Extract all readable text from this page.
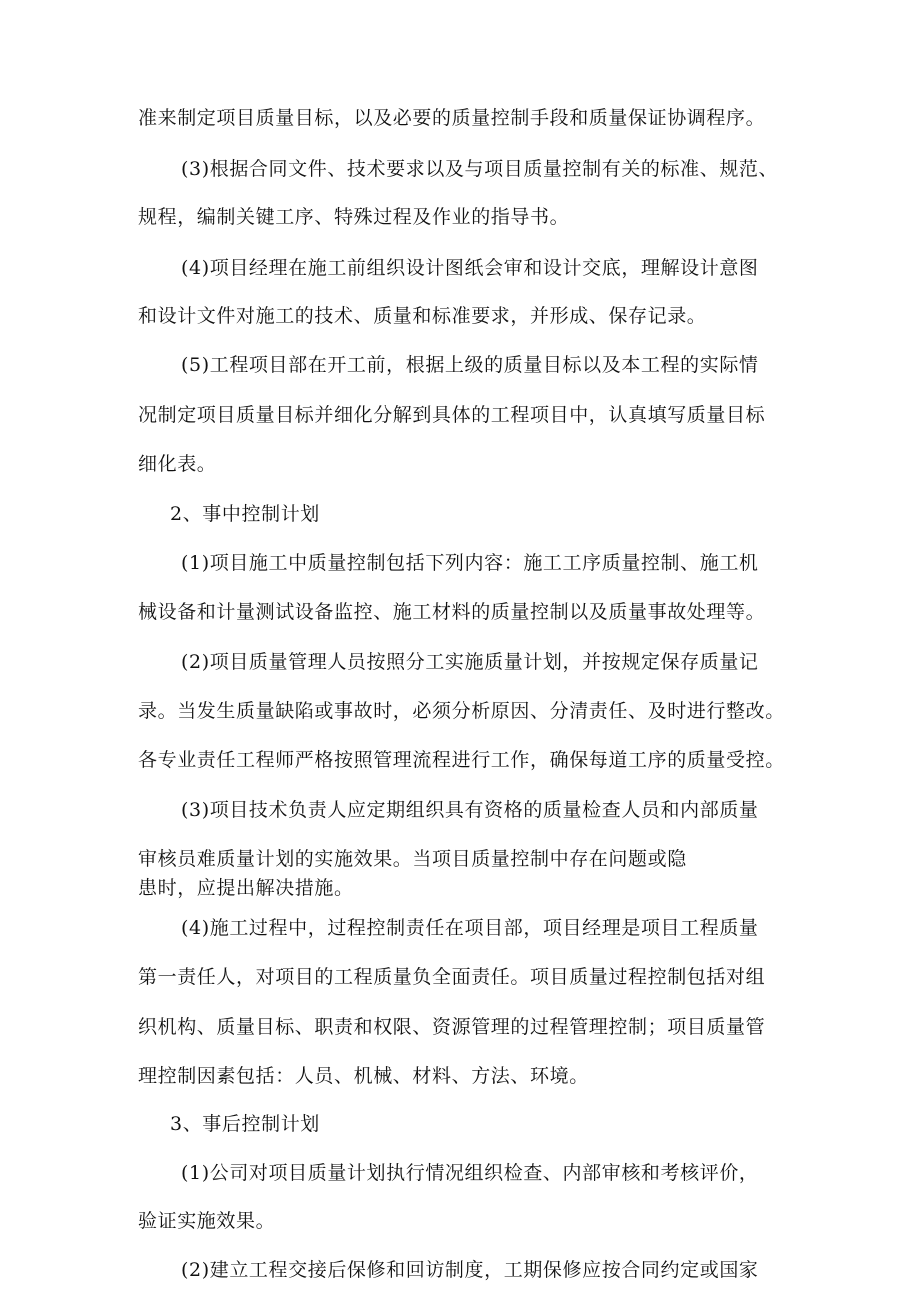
准来制定项目质量目标，以及必要的质量控制手段和质量保证协调程序。
(3)根据合同文件、技术要求以及与项目质量控制有关的标准、规范、
规程，编制关键工序、特殊过程及作业的指导书。
(4)项目经理在施工前组织设计图纸会审和设计交底，理解设计意图
和设计文件对施工的技术、质量和标准要求，并形成、保存记录。
(5)工程项目部在开工前，根据上级的质量目标以及本工程的实际情
况制定项目质量目标并细化分解到具体的工程项目中，认真填写质量目标
细化表。
2、事中控制计划
(1)项目施工中质量控制包括下列内容：施工工序质量控制、施工机
械设备和计量测试设备监控、施工材料的质量控制以及质量事故处理等。
(2)项目质量管理人员按照分工实施质量计划，并按规定保存质量记
录。当发生质量缺陷或事故时，必须分析原因、分清责任、及时进行整改。
各专业责任工程师严格按照管理流程进行工作，确保每道工序的质量受控。
(3)项目技术负责人应定期组织具有资格的质量检查人员和内部质量
审核员难质量计划的实施效果。当项目质量控制中存在问题或隐
患时，应提出解决措施。
(4)施工过程中，过程控制责任在项目部，项目经理是项目工程质量
第一责任人，对项目的工程质量负全面责任。项目质量过程控制包括对组
织机构、质量目标、职责和权限、资源管理的过程管理控制；项目质量管
理控制因素包括：人员、机械、材料、方法、环境。
3、事后控制计划
(1)公司对项目质量计划执行情况组织检查、内部审核和考核评价，
验证实施效果。
(2)建立工程交接后保修和回访制度，工期保修应按合同约定或国家
